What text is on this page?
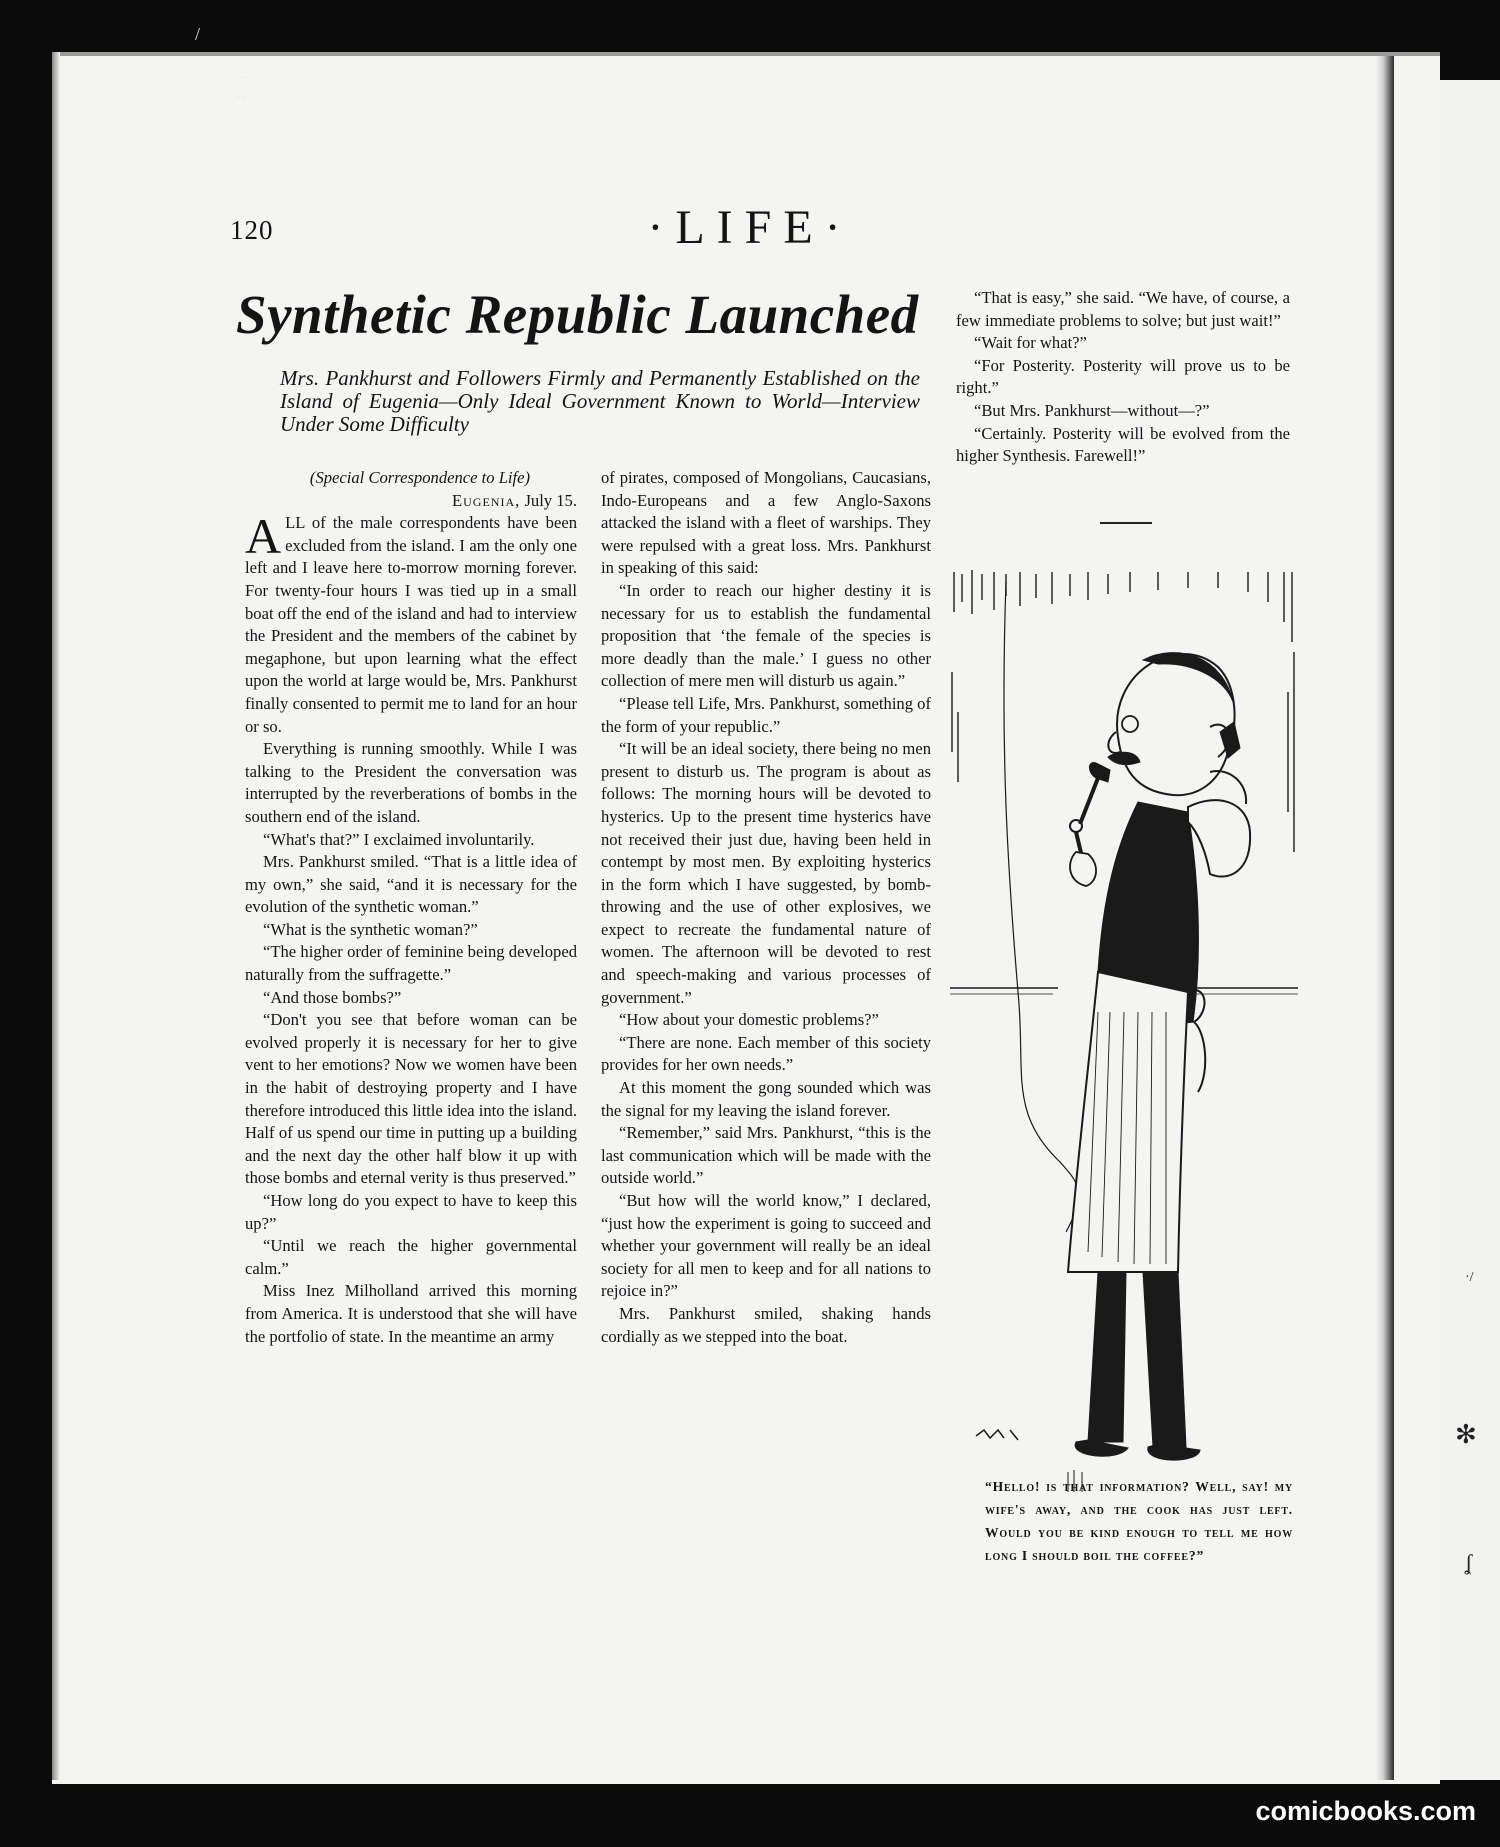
·/
✻
ʆ
/
·
· ·
120	·LIFE·
Synthetic Republic Launched
Mrs. Pankhurst and Followers Firmly and Permanently Established on the Island of Eugenia—Only Ideal Government Known to World—Interview Under Some Difficulty

(Special Correspondence to Life)

Eugenia, July 15.

ALL of the male correspondents have been excluded from the island. I am the only one left and I leave here to-morrow morning forever. For twenty-four hours I was tied up in a small boat off the end of the island and had to interview the President and the members of the cabinet by megaphone, but upon learning what the effect upon the world at large would be, Mrs. Pankhurst finally consented to permit me to land for an hour or so.

Everything is running smoothly. While I was talking to the President the conversation was interrupted by the reverberations of bombs in the southern end of the island.

“What's that?” I exclaimed involuntarily.

Mrs. Pankhurst smiled. “That is a little idea of my own,” she said, “and it is necessary for the evolution of the synthetic woman.”

“What is the synthetic woman?”

“The higher order of feminine being developed naturally from the suffragette.”

“And those bombs?”

“Don't you see that before woman can be evolved properly it is necessary for her to give vent to her emotions? Now we women have been in the habit of destroying property and I have therefore introduced this little idea into the island. Half of us spend our time in putting up a building and the next day the other half blow it up with those bombs and eternal verity is thus preserved.”

“How long do you expect to have to keep this up?”

“Until we reach the higher governmental calm.”

Miss Inez Milholland arrived this morning from America. It is understood that she will have the portfolio of state. In the meantime an army

of pirates, composed of Mongolians, Caucasians, Indo-Europeans and a few Anglo-Saxons attacked the island with a fleet of warships. They were repulsed with a great loss. Mrs. Pankhurst in speaking of this said:

“In order to reach our higher destiny it is necessary for us to establish the fundamental proposition that ‘the female of the species is more deadly than the male.’ I guess no other collection of mere men will disturb us again.”

“Please tell Life, Mrs. Pankhurst, something of the form of your republic.”

“It will be an ideal society, there being no men present to disturb us. The program is about as follows: The morning hours will be devoted to hysterics. Up to the present time hysterics have not received their just due, having been held in contempt by most men. By exploiting hysterics in the form which I have suggested, by bomb-throwing and the use of other explosives, we expect to recreate the fundamental nature of women. The afternoon will be devoted to rest and speech-making and various processes of government.”

“How about your domestic problems?”

“There are none. Each member of this society provides for her own needs.”

At this moment the gong sounded which was the signal for my leaving the island forever.

“Remember,” said Mrs. Pankhurst, “this is the last communication which will be made with the outside world.”

“But how will the world know,” I declared, “just how the experiment is going to succeed and whether your government will really be an ideal society for all men to keep and for all nations to rejoice in?”

Mrs. Pankhurst smiled, shaking hands cordially as we stepped into the boat.

“That is easy,” she said. “We have, of course, a few immediate problems to solve; but just wait!”

“Wait for what?”

“For Posterity. Posterity will prove us to be right.”

“But Mrs. Pankhurst—without—?”

“Certainly. Posterity will be evolved from the higher Synthesis. Farewell!”

“Hello! is that information? Well, say! my wife's away, and the cook has just left. Would you be kind enough to tell me how long I should boil the coffee?”
comicbooks.com
